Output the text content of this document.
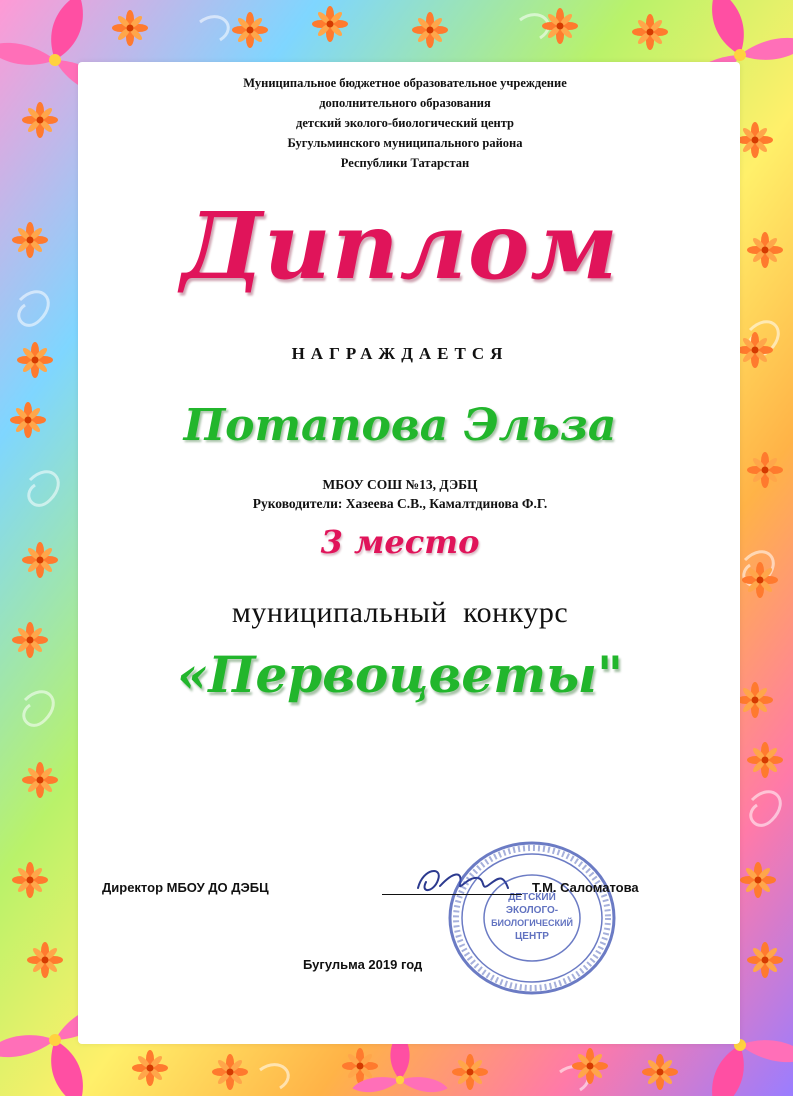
Муниципальное бюджетное образовательное учреждение
дополнительного образования
детский эколого-биологический центр
Бугульминского муниципального района
Республики Татарстан
Диплом
НАГРАЖДАЕТСЯ
Потапова Эльза
МБОУ СОШ №13, ДЭБЦ
Руководители: Хазеева С.В., Камалтдинова Ф.Г.
3 место
муниципальный конкурс
«Первоцветы"
ДЕТСКИЙ
ЭКОЛОГО-
БИОЛОГИЧЕСКИЙ
ЦЕНТР
Директор МБОУ ДО ДЭБЦ	Т.М. Саломатова
Бугульма 2019 год
